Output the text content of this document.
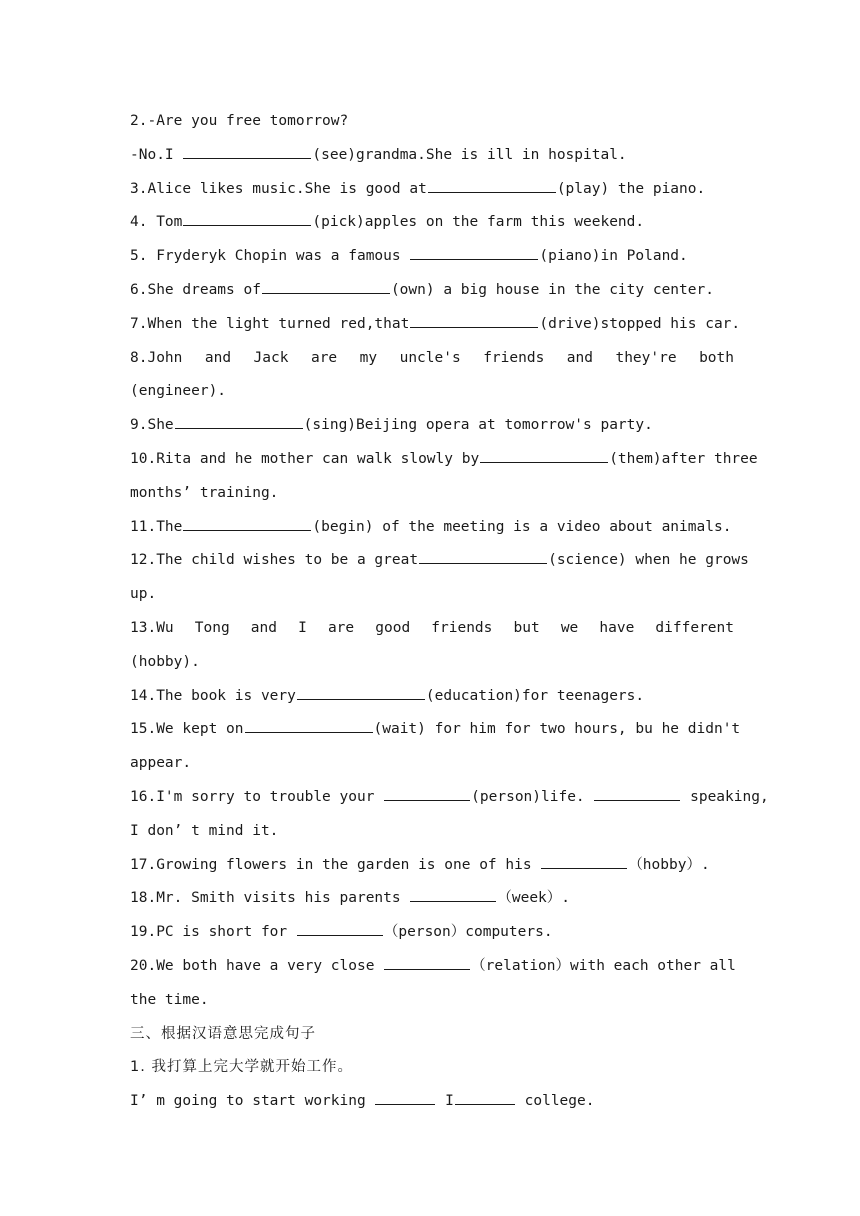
2.-Are you free tomorrow?
-No.I	(see)grandma.She is ill in hospital.
3.Alice likes music.She is good at	(play) the piano.
4. Tom	(pick)apples on the farm this weekend.
5. Fryderyk Chopin was a famous	(piano)in Poland.
6.She dreams of	(own) a big house in the city center.
7.When the light turned red,that	(drive)stopped his car.
8.John and Jack are my uncle's friends and they're both
(engineer).
9.She	(sing)Beijing opera at tomorrow's party.
10.Rita and he mother can walk slowly by	(them)after three
months’ training.
11.The	(begin) of the meeting is a video about animals.
12.The child wishes to be a great	(science) when he grows
up.
13.Wu Tong and I are good friends but we have different
(hobby).
14.The book is very	(education)for teenagers.
15.We kept on	(wait) for him for two hours, bu he didn't
appear.
16.I'm sorry to trouble your	(person)life.	speaking,
I don’ t mind it.
17.Growing flowers in the garden is one of his	（hobby）.
18.Mr. Smith visits his parents	（week）.
19.PC is short for	（person）computers.
20.We both have a very close	（relation）with each other all
the time.
三、根据汉语意思完成句子
1. 我打算上完大学就开始工作。
I’ m going to start working	I	college.
